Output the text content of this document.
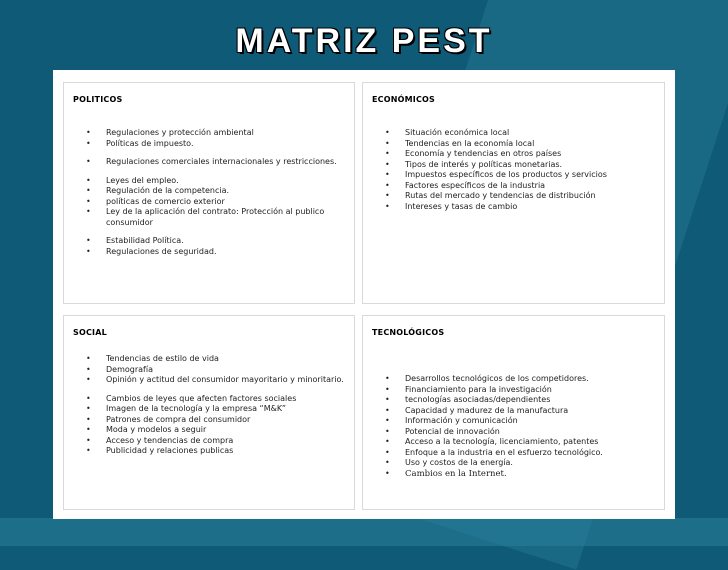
MATRIZ PEST
POLITICOS
• Regulaciones y protección ambiental
• Políticas de impuesto.
• Regulaciones comerciales internacionales y restricciones.
• Leyes del empleo.
• Regulación de la competencia.
• políticas de comercio exterior
• Ley de la aplicación del contrato: Protección al publico consumidor
• Estabilidad Política.
• Regulaciones de seguridad.
ECONÓMICOS
• Situación económica local
• Tendencias en la economía local
• Economía y tendencias en otros países
• Tipos de interés y políticas monetarias.
• Impuestos específicos de los productos y servicios
• Factores específicos de la industria
• Rutas del mercado y tendencias de distribución
• Intereses y tasas de cambio
SOCIAL
• Tendencias de estilo de vida
• Demografía
• Opinión y actitud del consumidor mayoritario y minoritario.
• Cambios de leyes que afecten factores sociales
• Imagen de la tecnología y la empresa “M&K”
• Patrones de compra del consumidor
• Moda y modelos a seguir
• Acceso y tendencias de compra
• Publicidad y relaciones publicas
TECNOLÓGICOS
• Desarrollos tecnológicos de los competidores.
• Financiamiento para la investigación
• tecnologías asociadas/dependientes
• Capacidad y madurez de la manufactura
• Información y comunicación
• Potencial de innovación
• Acceso a la tecnología, licenciamiento, patentes
• Enfoque a la industria en el esfuerzo tecnológico.
• Uso y costos de la energía.
• Cambios en la Internet.
